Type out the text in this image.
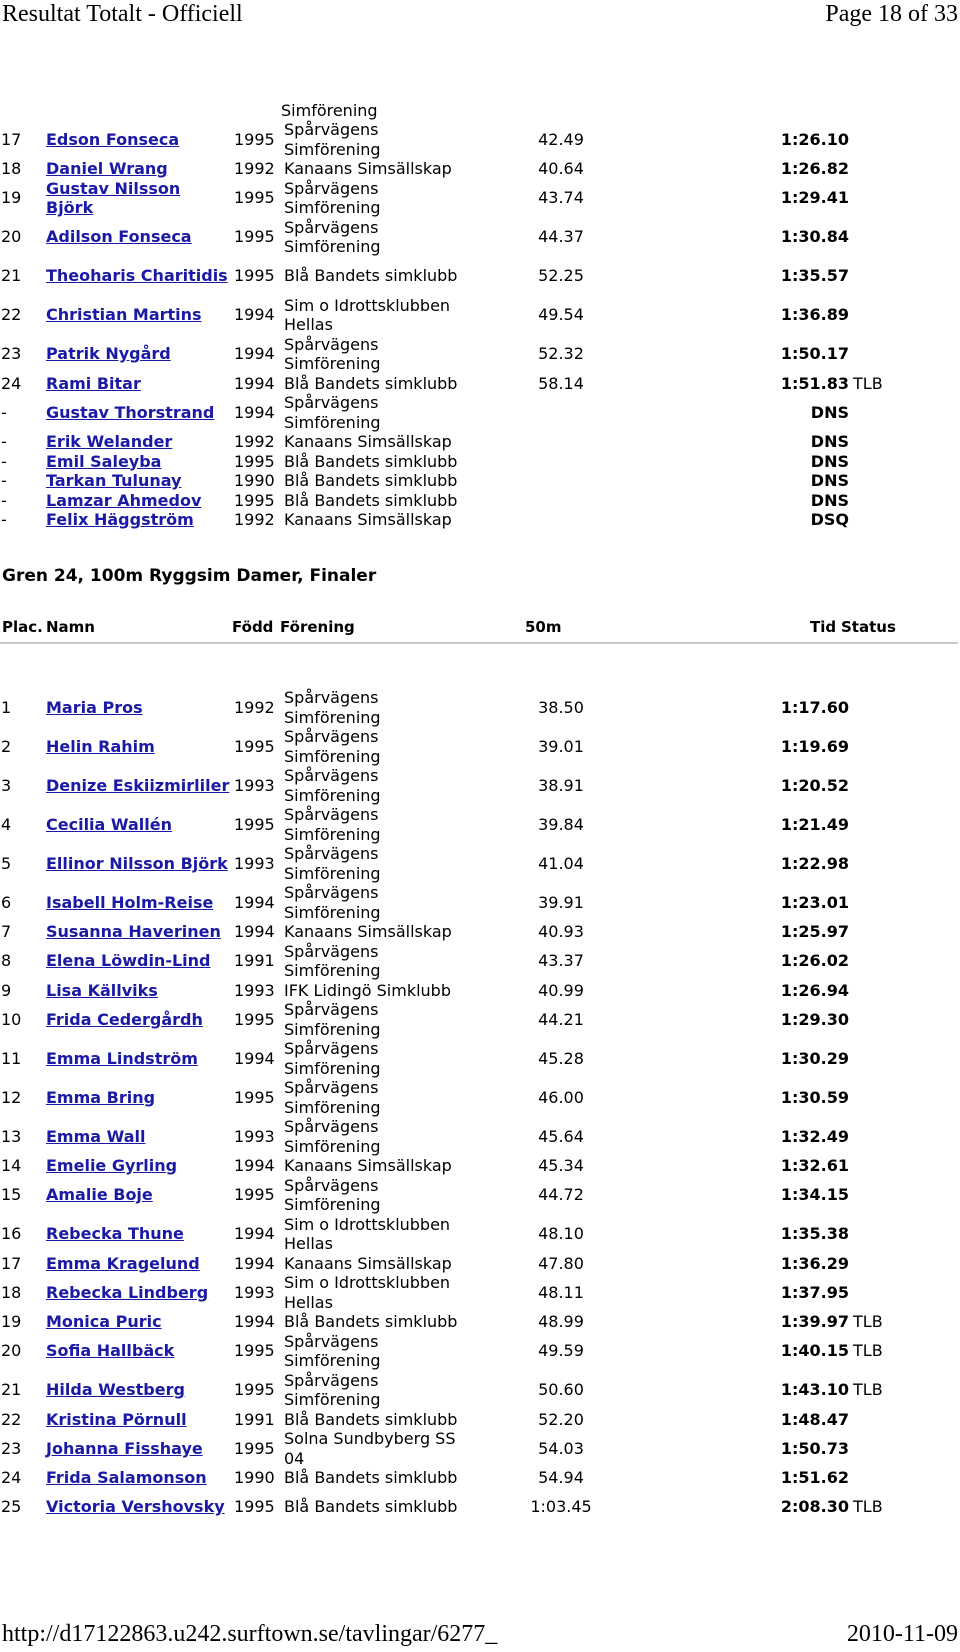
Resultat Totalt - Officiell	Page 18 of 33
Simförening
17	Edson Fonseca	1995	Spårvägens
Simförening	42.49		1:26.10	
18	Daniel Wrang	1992	Kanaans Simsällskap	40.64		1:26.82	
19	Gustav Nilsson Björk	1995	Spårvägens
Simförening	43.74		1:29.41	
20	Adilson Fonseca	1995	Spårvägens
Simförening	44.37		1:30.84	
21	Theoharis Charitidis	1995	Blå Bandets simklubb	52.25		1:35.57	
22	Christian Martins	1994	Sim o Idrottsklubben
Hellas	49.54		1:36.89	
23	Patrik Nygård	1994	Spårvägens
Simförening	52.32		1:50.17	
24	Rami Bitar	1994	Blå Bandets simklubb	58.14		1:51.83	TLB
-	Gustav Thorstrand	1994	Spårvägens
Simförening			DNS	
-	Erik Welander	1992	Kanaans Simsällskap			DNS	
-	Emil Saleyba	1995	Blå Bandets simklubb			DNS	
-	Tarkan Tulunay	1990	Blå Bandets simklubb			DNS	
-	Lamzar Ahmedov	1995	Blå Bandets simklubb			DNS	
-	Felix Häggström	1992	Kanaans Simsällskap			DSQ	
Gren 24, 100m Ryggsim Damer, Finaler
Plac. Namn	Född Förening	50m	Tid Status
1	Maria Pros	1992	Spårvägens
Simförening	38.50		1:17.60	
2	Helin Rahim	1995	Spårvägens
Simförening	39.01		1:19.69	
3	Denize Eskiizmirliler	1993	Spårvägens
Simförening	38.91		1:20.52	
4	Cecilia Wallén	1995	Spårvägens
Simförening	39.84		1:21.49	
5	Ellinor Nilsson Björk	1993	Spårvägens
Simförening	41.04		1:22.98	
6	Isabell Holm-Reise	1994	Spårvägens
Simförening	39.91		1:23.01	
7	Susanna Haverinen	1994	Kanaans Simsällskap	40.93		1:25.97	
8	Elena Löwdin-Lind	1991	Spårvägens
Simförening	43.37		1:26.02	
9	Lisa Källviks	1993	IFK Lidingö Simklubb	40.99		1:26.94	
10	Frida Cedergårdh	1995	Spårvägens
Simförening	44.21		1:29.30	
11	Emma Lindström	1994	Spårvägens
Simförening	45.28		1:30.29	
12	Emma Bring	1995	Spårvägens
Simförening	46.00		1:30.59	
13	Emma Wall	1993	Spårvägens
Simförening	45.64		1:32.49	
14	Emelie Gyrling	1994	Kanaans Simsällskap	45.34		1:32.61	
15	Amalie Boje	1995	Spårvägens
Simförening	44.72		1:34.15	
16	Rebecka Thune	1994	Sim o Idrottsklubben
Hellas	48.10		1:35.38	
17	Emma Kragelund	1994	Kanaans Simsällskap	47.80		1:36.29	
18	Rebecka Lindberg	1993	Sim o Idrottsklubben
Hellas	48.11		1:37.95	
19	Monica Puric	1994	Blå Bandets simklubb	48.99		1:39.97	TLB
20	Sofia Hallbäck	1995	Spårvägens
Simförening	49.59		1:40.15	TLB
21	Hilda Westberg	1995	Spårvägens
Simförening	50.60		1:43.10	TLB
22	Kristina Pörnull	1991	Blå Bandets simklubb	52.20		1:48.47	
23	Johanna Fisshaye	1995	Solna Sundbyberg SS
04	54.03		1:50.73	
24	Frida Salamonson	1990	Blå Bandets simklubb	54.94		1:51.62	
25	Victoria Vershovsky	1995	Blå Bandets simklubb	1:03.45		2:08.30	TLB
http://d17122863.u242.surftown.se/tavlingar/6277_	2010-11-09
